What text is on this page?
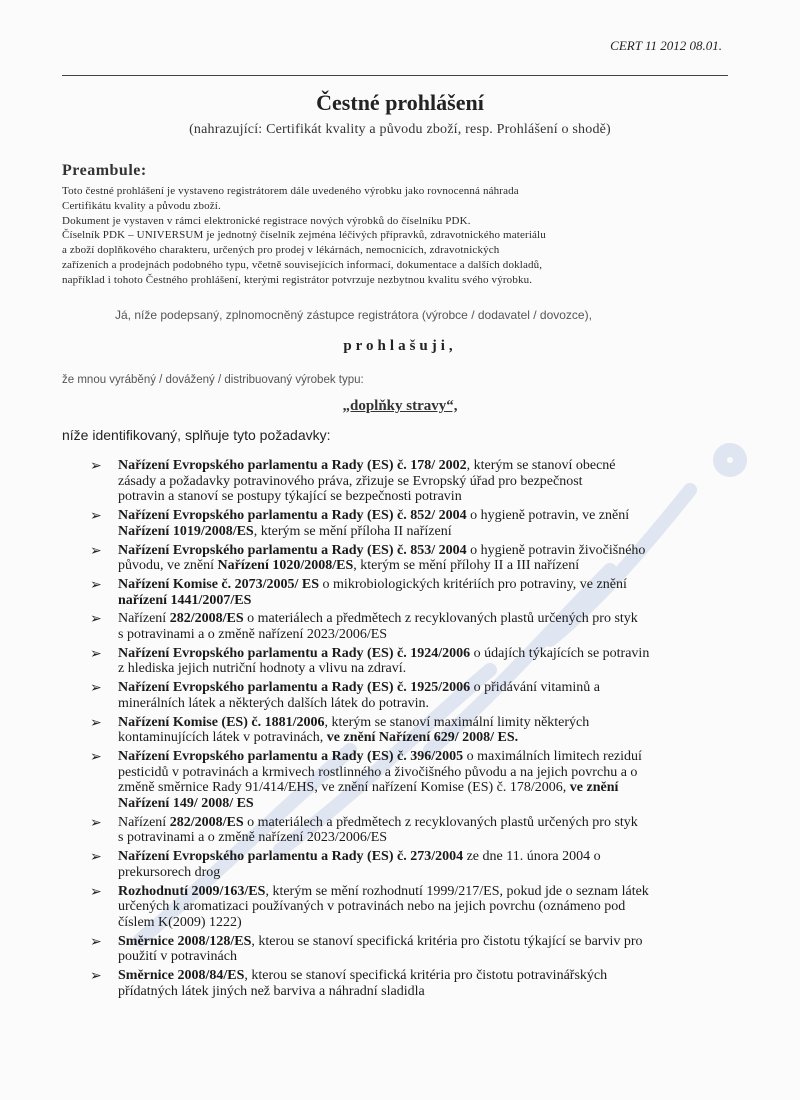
CERT 11 2012 08.01.
Čestné prohlášení
(nahrazující: Certifikát kvality a původu zboží, resp. Prohlášení o shodě)
Preambule:
Toto čestné prohlášení je vystaveno registrátorem dále uvedeného výrobku jako rovnocenná náhrada
Certifikátu kvality a původu zboží.
Dokument je vystaven v rámci elektronické registrace nových výrobků do číselníku PDK.
Číselník PDK – UNIVERSUM je jednotný číselník zejména léčivých přípravků, zdravotnického materiálu
a zboží doplňkového charakteru, určených pro prodej v lékárnách, nemocnicích, zdravotnických
zařízeních a prodejnách podobného typu, včetně souvisejících informací, dokumentace a dalších dokladů,
například i tohoto Čestného prohlášení, kterými registrátor potvrzuje nezbytnou kvalitu svého výrobku.
Já, níže podepsaný, zplnomocněný zástupce registrátora (výrobce / dodavatel / dovozce),
prohlašuji,
že mnou vyráběný / dovážený / distribuovaný výrobek typu:
„doplňky stravy“,
níže identifikovaný, splňuje tyto požadavky:
➢ Nařízení Evropského parlamentu a Rady (ES) č. 178/ 2002, kterým se stanoví obecné
zásady a požadavky potravinového práva, zřizuje se Evropský úřad pro bezpečnost
potravin a stanoví se postupy týkající se bezpečnosti potravin
➢ Nařízení Evropského parlamentu a Rady (ES) č. 852/ 2004 o hygieně potravin, ve znění
Nařízení 1019/2008/ES, kterým se mění příloha II nařízení
➢ Nařízení Evropského parlamentu a Rady (ES) č. 853/ 2004 o hygieně potravin živočišného
původu, ve znění Nařízení 1020/2008/ES, kterým se mění přílohy II a III nařízení
➢ Nařízení Komise č. 2073/2005/ ES o mikrobiologických kritériích pro potraviny, ve znění
nařízení 1441/2007/ES
➢ Nařízení 282/2008/ES o materiálech a předmětech z recyklovaných plastů určených pro styk
s potravinami a o změně nařízení 2023/2006/ES
➢ Nařízení Evropského parlamentu a Rady (ES) č. 1924/2006 o údajích týkajících se potravin
z hlediska jejich nutriční hodnoty a vlivu na zdraví.
➢ Nařízení Evropského parlamentu a Rady (ES) č. 1925/2006 o přidávání vitaminů a
minerálních látek a některých dalších látek do potravin.
➢ Nařízení Komise (ES) č. 1881/2006, kterým se stanoví maximální limity některých
kontaminujících látek v potravinách, ve znění Nařízení 629/ 2008/ ES.
➢ Nařízení Evropského parlamentu a Rady (ES) č. 396/2005 o maximálních limitech reziduí
pesticidů v potravinách a krmivech rostlinného a živočišného původu a na jejich povrchu a o
změně směrnice Rady 91/414/EHS, ve znění nařízení Komise (ES) č. 178/2006, ve znění
Nařízení 149/ 2008/ ES
➢ Nařízení 282/2008/ES o materiálech a předmětech z recyklovaných plastů určených pro styk
s potravinami a o změně nařízení 2023/2006/ES
➢ Nařízení Evropského parlamentu a Rady (ES) č. 273/2004 ze dne 11. února 2004 o
prekursorech drog
➢ Rozhodnutí 2009/163/ES, kterým se mění rozhodnutí 1999/217/ES, pokud jde o seznam látek
určených k aromatizaci používaných v potravinách nebo na jejich povrchu (oznámeno pod
číslem K(2009) 1222)
➢ Směrnice 2008/128/ES, kterou se stanoví specifická kritéria pro čistotu týkající se barviv pro
použití v potravinách
➢ Směrnice 2008/84/ES, kterou se stanoví specifická kritéria pro čistotu potravinářských
přídatných látek jiných než barviva a náhradní sladidla
